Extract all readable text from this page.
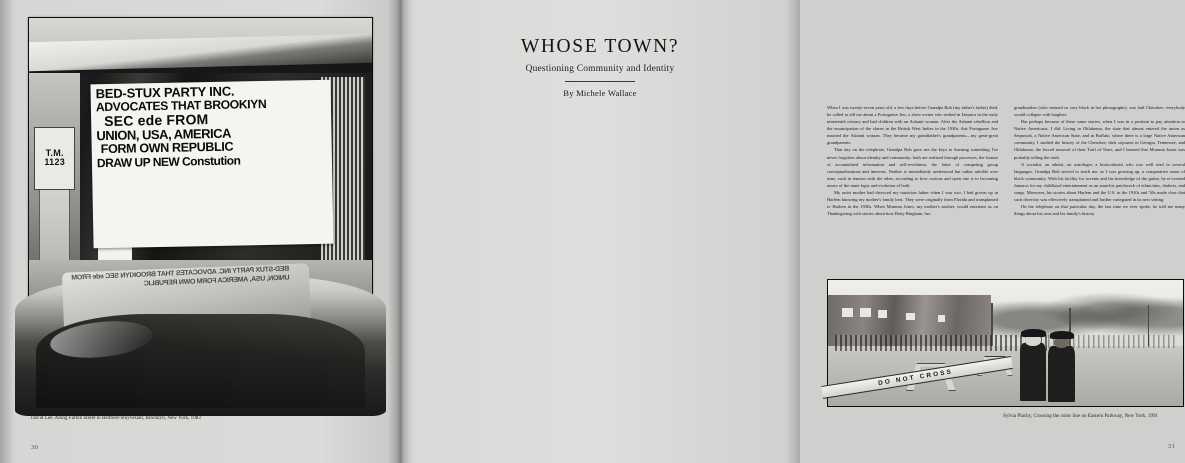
T.M.
1123
BED-STUX PARTY INC.
ADVOCATES THAT BROOKIYN
SEC ede FROM
UNION, USA, AMERICA
FORM OWN REPUBLIC
DRAW UP NEW Constution
BED-STUX PARTY INC. ADVOCATES THAT BROOKIYN SEC ede FROM UNION, USA, AMERICA FORM OWN REPUBLIC
David Lee, Along Fulton Street in Bedford-Stuyvesant, Brooklyn, New York, 1983
30
WHOSE TOWN?
Questioning Community and Identity
By Michele Wallace

When I was twenty-seven years old, a few days before Grandpa Bob (my father's father) died, he called to tell me about a Portuguese Jew, a slave owner who settled in Jamaica in the early nineteenth century and had children with an Ashanti woman. After the Ashanti rebellion and the emancipation of the slaves in the British West Indies in the 1930s, this Portuguese Jew married the Ashanti woman. They became my grandfather's grandparents—my great-great grandparents.

That day on the telephone, Grandpa Bob gave me the keys to learning something I've never forgotten about identity and community: both are realized through processes, the former of accumulated information and self-revelation, the latter of competing group conceptualizations and interests. Neither is immediately understood but rather unfolds over time, each in tension with the other, according to how curious and open one is to becoming aware of the inner logic and evolution of both.

My artist mother had divorced my musician father when I was two. I had grown up in Harlem knowing my mother's family best. They were originally from Florida and transplanted to Harlem in the 1930s. When Momma Jones, my mother's mother, would entertain us on Thanksgiving with stories about how Betty Bingham, her

grandmother (who seemed so very black in her photographs), was half Cherokee, everybody would collapse with laughter.

But perhaps because of these same stories, when I was in a position to pay attention to Native Americans, I did. Living in Oklahoma, the state that almost entered the union as Sequoyah, a Native American State, and in Buffalo, where there is a large Native American community, I studied the history of the Cherokee, their sojourns in Georgia, Tennessee, and Oklahoma, the forced removal of their Trail of Tears, and I learned that Momma Jones was probably telling the truth.

A socialist, an atheist, an astrologer, a horticulturist who was well read in several languages, Grandpa Bob strived to teach me, as I was growing up, a comparative sense of black community. With his facility for accents and his knowledge of the guitar, he re-created Jamaica for my childhood entertainment as an anarchic patchwork of ethnicities, dialects, and songs. Moreover, his stories about Harlem and the U.S. in the 1910s and '30s made clear that such diversity was effectively transplanted and further variegated in its new setting.

On the telephone on that particular day, the last time we ever spoke, he told me many things about his own and his family's history

DO NOT CROSS
Sylvia Plachy, Crossing the color line on Eastern Parkway, New York, 1991
31
